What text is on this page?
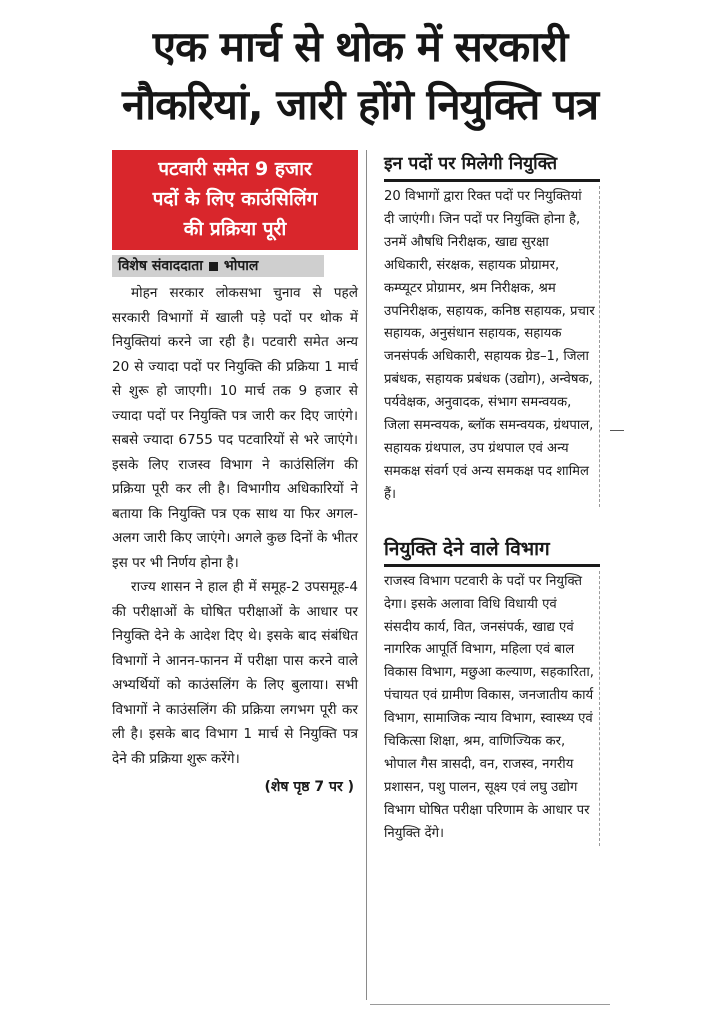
एक मार्च से थोक में सरकारी
नौकरियां, जारी होंगे नियुक्ति पत्र
पटवारी समेत 9 हजार
पदों के लिए काउंसिलिंग
की प्रक्रिया पूरी
विशेष संवाददाता भोपाल

मोहन सरकार लोकसभा चुनाव से पहले सरकारी विभागों में खाली पड़े पदों पर थोक में नियुक्तियां करने जा रही है। पटवारी समेत अन्य 20 से ज्यादा पदों पर नियुक्ति की प्रक्रिया 1 मार्च से शुरू हो जाएगी। 10 मार्च तक 9 हजार से ज्यादा पदों पर नियुक्ति पत्र जारी कर दिए जाएंगे। सबसे ज्यादा 6755 पद पटवारियों से भरे जाएंगे। इसके लिए राजस्व विभाग ने काउंसिलिंग की प्रक्रिया पूरी कर ली है। विभागीय अधिकारियों ने बताया कि नियुक्ति पत्र एक साथ या फिर अगल-अलग जारी किए जाएंगे। अगले कुछ दिनों के भीतर इस पर भी निर्णय होना है।

राज्य शासन ने हाल ही में समूह-2 उपसमूह-4 की परीक्षाओं के घोषित परीक्षाओं के आधार पर नियुक्ति देने के आदेश दिए थे। इसके बाद संबंधित विभागों ने आनन-फानन में परीक्षा पास करने वाले अभ्यर्थियों को काउंसलिंग के लिए बुलाया। सभी विभागों ने काउंसलिंग की प्रक्रिया लगभग पूरी कर ली है। इसके बाद विभाग 1 मार्च से नियुक्ति पत्र देने की प्रक्रिया शुरू करेंगे।

(शेष पृष्ठ 7 पर )
इन पदों पर मिलेगी नियुक्ति
20 विभागों द्वारा रिक्त पदों पर नियुक्तियां दी जाएंगी। जिन पदों पर नियुक्ति होना है, उनमें औषधि निरीक्षक, खाद्य सुरक्षा अधिकारी, संरक्षक, सहायक प्रोग्रामर, कम्प्यूटर प्रोग्रामर, श्रम निरीक्षक, श्रम उपनिरीक्षक, सहायक, कनिष्ठ सहायक, प्रचार सहायक, अनुसंधान सहायक, सहायक जनसंपर्क अधिकारी, सहायक ग्रेड–1, जिला प्रबंधक, सहायक प्रबंधक (उद्योग), अन्वेषक, पर्यवेक्षक, अनुवादक, संभाग समन्वयक, जिला समन्वयक, ब्लॉक समन्वयक, ग्रंथपाल, सहायक ग्रंथपाल, उप ग्रंथपाल एवं अन्य समकक्ष संवर्ग एवं अन्य समकक्ष पद शामिल हैं।
नियुक्ति देने वाले विभाग
राजस्व विभाग पटवारी के पदों पर नियुक्ति देगा। इसके अलावा विधि विधायी एवं संसदीय कार्य, वित, जनसंपर्क, खाद्य एवं नागरिक आपूर्ति विभाग, महिला एवं बाल विकास विभाग, मछुआ कल्याण, सहकारिता, पंचायत एवं ग्रामीण विकास, जनजातीय कार्य विभाग, सामाजिक न्याय विभाग, स्वास्थ्य एवं चिकित्सा शिक्षा, श्रम, वाणिज्यिक कर, भोपाल गैस त्रासदी, वन, राजस्व, नगरीय प्रशासन, पशु पालन, सूक्ष्य एवं लघु उद्योग विभाग घोषित परीक्षा परिणाम के आधार पर नियुक्ति देंगे।
